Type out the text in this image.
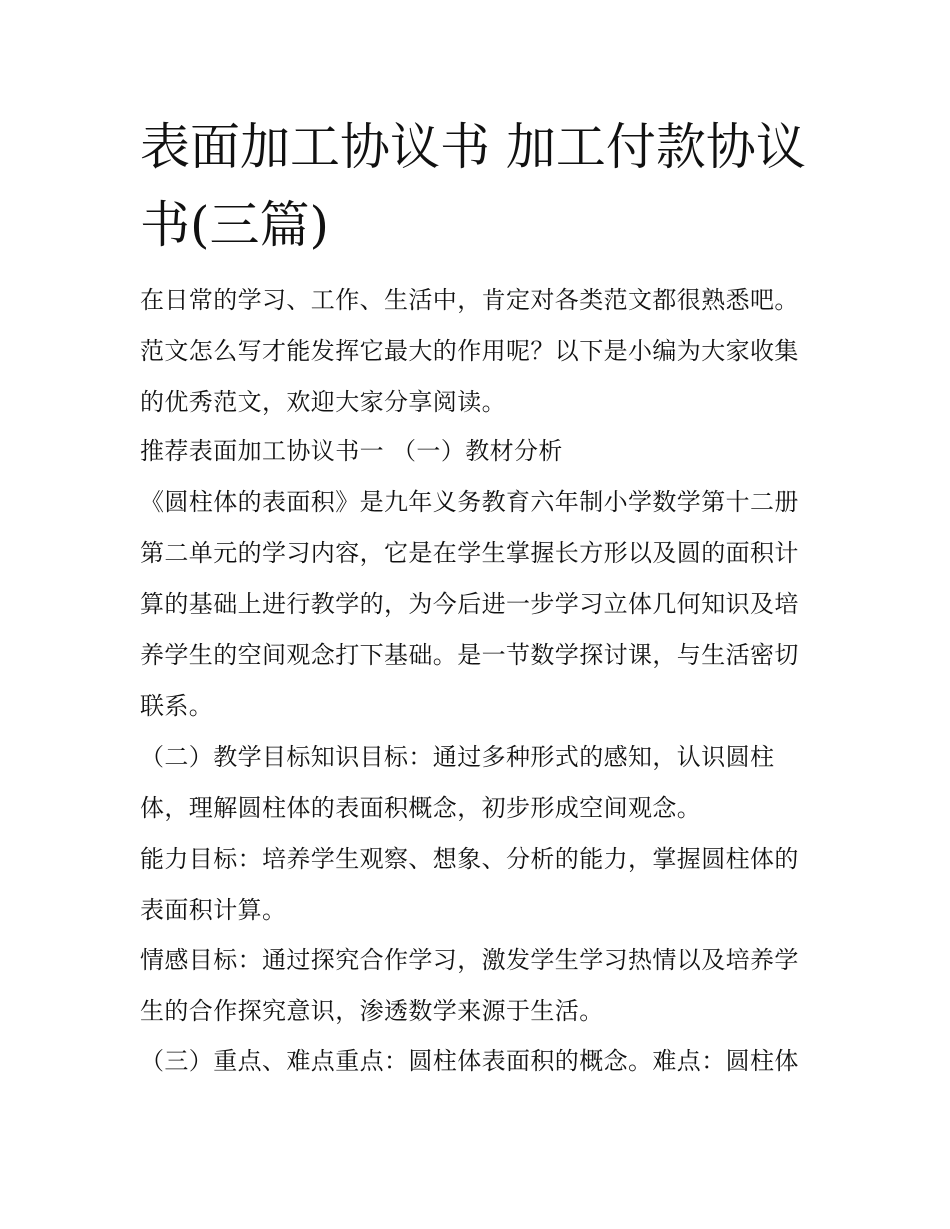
表面加工协议书 加工付款协议书(三篇)

在日常的学习、工作、生活中，肯定对各类范文都很熟悉吧。范文怎么写才能发挥它最大的作用呢？以下是小编为大家收集的优秀范文，欢迎大家分享阅读。

推荐表面加工协议书一 （一）教材分析

《圆柱体的表面积》是九年义务教育六年制小学数学第十二册第二单元的学习内容，它是在学生掌握长方形以及圆的面积计算的基础上进行教学的，为今后进一步学习立体几何知识及培养学生的空间观念打下基础。是一节数学探讨课，与生活密切联系。

（二）教学目标知识目标：通过多种形式的感知，认识圆柱体，理解圆柱体的表面积概念，初步形成空间观念。

能力目标：培养学生观察、想象、分析的能力，掌握圆柱体的表面积计算。

情感目标：通过探究合作学习，激发学生学习热情以及培养学生的合作探究意识，渗透数学来源于生活。

（三）重点、难点重点：圆柱体表面积的概念。难点：圆柱体
